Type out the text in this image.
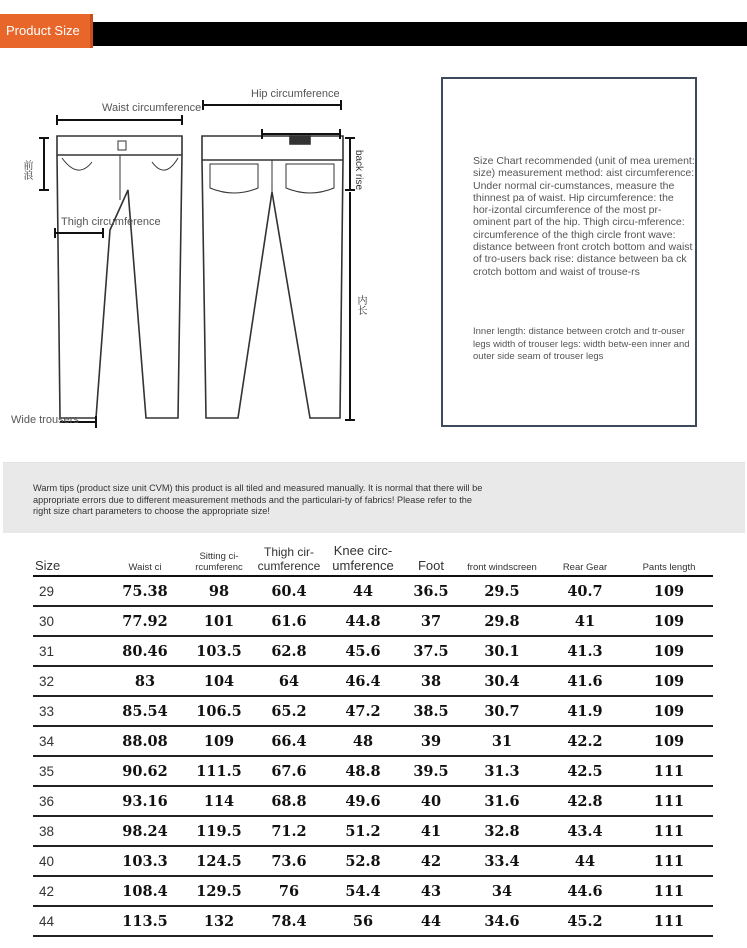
Product Size
Waist circumference
Hip circumference
Thigh circumference
Wide trousers
前浪	back rise
内长
Size Chart recommended (unit of mea urement: size) measurement method: aist circumference: Under normal cir-cumstances, measure the thinnest pa of waist. Hip circumference: the hor-izontal circumference of the most pr-ominent part of the hip. Thigh circu-mference: circumference of the thigh circle front wave: distance between front crotch bottom and waist of tro-users back rise: distance between ba ck crotch bottom and waist of trouse-rs
Inner length: distance between crotch and tr-ouser legs width of trouser legs: width betw-een inner and outer side seam of trouser legs
Warm tips (product size unit CVM) this product is all tiled and measured manually. It is normal that there will be appropriate errors due to different measurement methods and the particulari-ty of fabrics! Please refer to the right size chart parameters to choose the appropriate size!
Size	Waist ci	Sitting ci-rcumferenc	Thigh cir-cumference	Knee circ-umference	Foot	front windscreen	Rear Gear	Pants length
29	75.38	98	60.4	44	36.5	29.5	40.7	109
30	77.92	101	61.6	44.8	37	29.8	41	109
31	80.46	103.5	62.8	45.6	37.5	30.1	41.3	109
32	83	104	64	46.4	38	30.4	41.6	109
33	85.54	106.5	65.2	47.2	38.5	30.7	41.9	109
34	88.08	109	66.4	48	39	31	42.2	109
35	90.62	111.5	67.6	48.8	39.5	31.3	42.5	111
36	93.16	114	68.8	49.6	40	31.6	42.8	111
38	98.24	119.5	71.2	51.2	41	32.8	43.4	111
40	103.3	124.5	73.6	52.8	42	33.4	44	111
42	108.4	129.5	76	54.4	43	34	44.6	111
44	113.5	132	78.4	56	44	34.6	45.2	111
